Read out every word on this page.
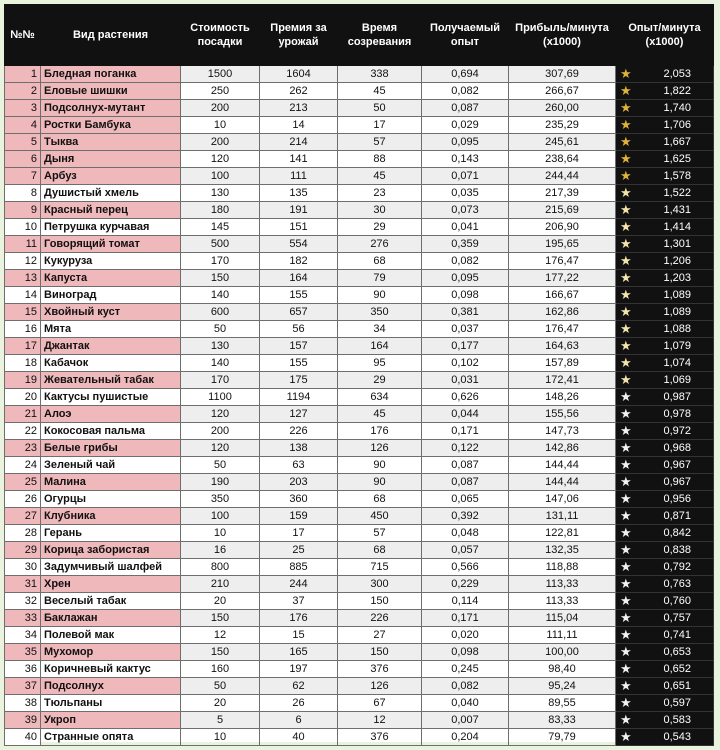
№№	Вид растения	Стоимость посадки	Премия за урожай	Время созревания	Получаемый опыт	Прибыль/минута (x1000)	Опыт/минута (x1000)
1	Бледная поганка	1500	1604	338	0,694	307,69	★ 2,053
2	Еловые шишки	250	262	45	0,082	266,67	★ 1,822
3	Подсолнух-мутант	200	213	50	0,087	260,00	★ 1,740
4	Ростки Бамбука	10	14	17	0,029	235,29	★ 1,706
5	Тыква	200	214	57	0,095	245,61	★ 1,667
6	Дыня	120	141	88	0,143	238,64	★ 1,625
7	Арбуз	100	111	45	0,071	244,44	★ 1,578
8	Душистый хмель	130	135	23	0,035	217,39	★ 1,522
9	Красный перец	180	191	30	0,073	215,69	★ 1,431
10	Петрушка курчавая	145	151	29	0,041	206,90	★ 1,414
11	Говорящий томат	500	554	276	0,359	195,65	★ 1,301
12	Кукуруза	170	182	68	0,082	176,47	★ 1,206
13	Капуста	150	164	79	0,095	177,22	★ 1,203
14	Виноград	140	155	90	0,098	166,67	★ 1,089
15	Хвойный куст	600	657	350	0,381	162,86	★ 1,089
16	Мята	50	56	34	0,037	176,47	★ 1,088
17	Джантак	130	157	164	0,177	164,63	★ 1,079
18	Кабачок	140	155	95	0,102	157,89	★ 1,074
19	Жевательный табак	170	175	29	0,031	172,41	★ 1,069
20	Кактусы пушистые	1100	1194	634	0,626	148,26	★ 0,987
21	Алоэ	120	127	45	0,044	155,56	★ 0,978
22	Кокосовая пальма	200	226	176	0,171	147,73	★ 0,972
23	Белые грибы	120	138	126	0,122	142,86	★ 0,968
24	Зеленый чай	50	63	90	0,087	144,44	★ 0,967
25	Малина	190	203	90	0,087	144,44	★ 0,967
26	Огурцы	350	360	68	0,065	147,06	★ 0,956
27	Клубника	100	159	450	0,392	131,11	★ 0,871
28	Герань	10	17	57	0,048	122,81	★ 0,842
29	Корица забористая	16	25	68	0,057	132,35	★ 0,838
30	Задумчивый шалфей	800	885	715	0,566	118,88	★ 0,792
31	Хрен	210	244	300	0,229	113,33	★ 0,763
32	Веселый табак	20	37	150	0,114	113,33	★ 0,760
33	Баклажан	150	176	226	0,171	115,04	★ 0,757
34	Полевой мак	12	15	27	0,020	111,11	★ 0,741
35	Мухомор	150	165	150	0,098	100,00	★ 0,653
36	Коричневый кактус	160	197	376	0,245	98,40	★ 0,652
37	Подсолнух	50	62	126	0,082	95,24	★ 0,651
38	Тюльпаны	20	26	67	0,040	89,55	★ 0,597
39	Укроп	5	6	12	0,007	83,33	★ 0,583
40	Странные опята	10	40	376	0,204	79,79	★ 0,543
